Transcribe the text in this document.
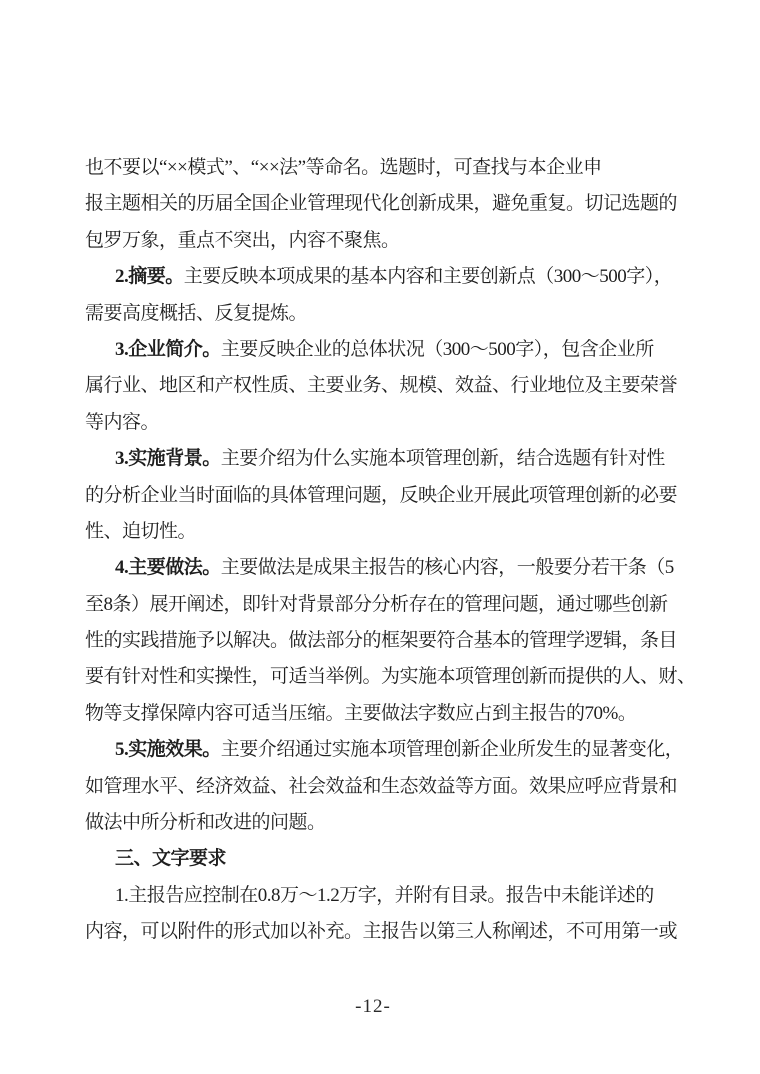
也不要以“××模式”、“××法”等命名。选题时，可查找与本企业申
报主题相关的历届全国企业管理现代化创新成果，避免重复。切记选题的
包罗万象，重点不突出，内容不聚焦。
2.摘要。主要反映本项成果的基本内容和主要创新点（300～500字），
需要高度概括、反复提炼。
3.企业简介。主要反映企业的总体状况（300～500字），包含企业所
属行业、地区和产权性质、主要业务、规模、效益、行业地位及主要荣誉
等内容。
3.实施背景。主要介绍为什么实施本项管理创新，结合选题有针对性
的分析企业当时面临的具体管理问题，反映企业开展此项管理创新的必要
性、迫切性。
4.主要做法。主要做法是成果主报告的核心内容，一般要分若干条（5
至8条）展开阐述，即针对背景部分分析存在的管理问题，通过哪些创新
性的实践措施予以解决。做法部分的框架要符合基本的管理学逻辑，条目
要有针对性和实操性，可适当举例。为实施本项管理创新而提供的人、财、
物等支撑保障内容可适当压缩。主要做法字数应占到主报告的70%。
5.实施效果。主要介绍通过实施本项管理创新企业所发生的显著变化，
如管理水平、经济效益、社会效益和生态效益等方面。效果应呼应背景和
做法中所分析和改进的问题。
三、文字要求
1.主报告应控制在0.8万～1.2万字，并附有目录。报告中未能详述的
内容，可以附件的形式加以补充。主报告以第三人称阐述，不可用第一或
-12-
